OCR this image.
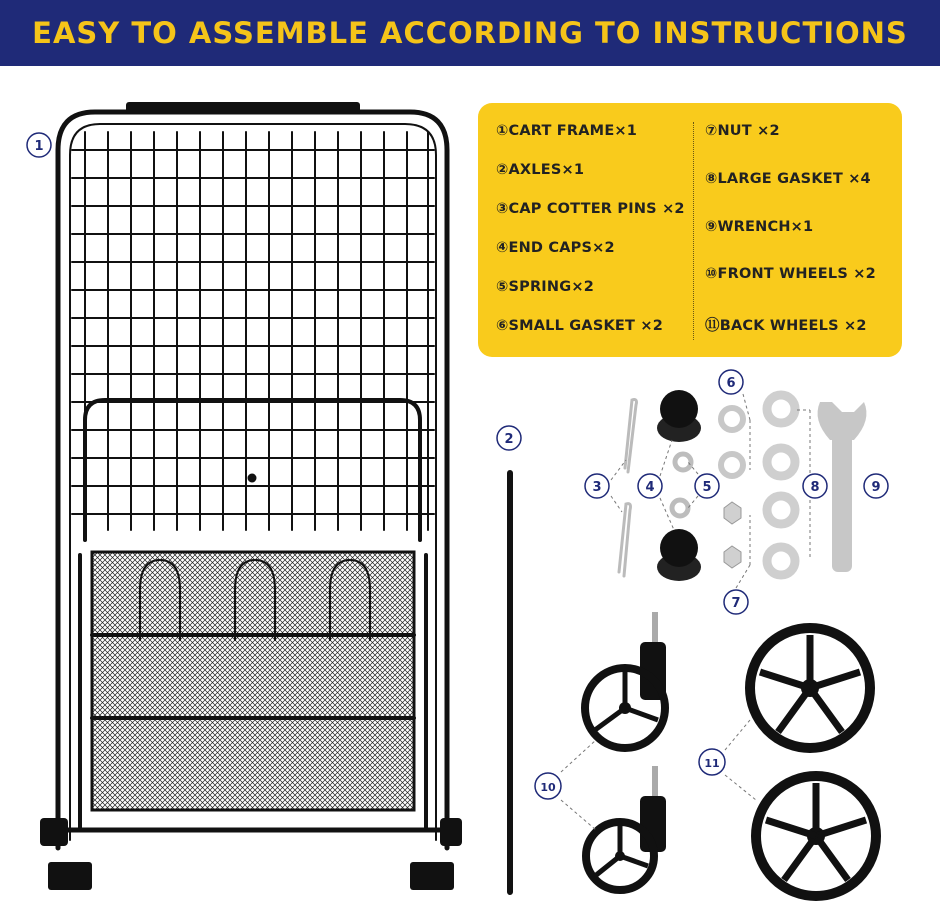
EASY TO ASSEMBLE ACCORDING TO INSTRUCTIONS
①CART FRAME×1
②AXLES×1
③CAP COTTER PINS ×2
④END CAPS×2
⑤SPRING×2
⑥SMALL GASKET ×2
⑦NUT ×2
⑧LARGE GASKET ×4
⑨WRENCH×1
⑩FRONT WHEELS ×2
⑪BACK WHEELS ×2
1
2
3	4	5
6
7
8	9
10
11
